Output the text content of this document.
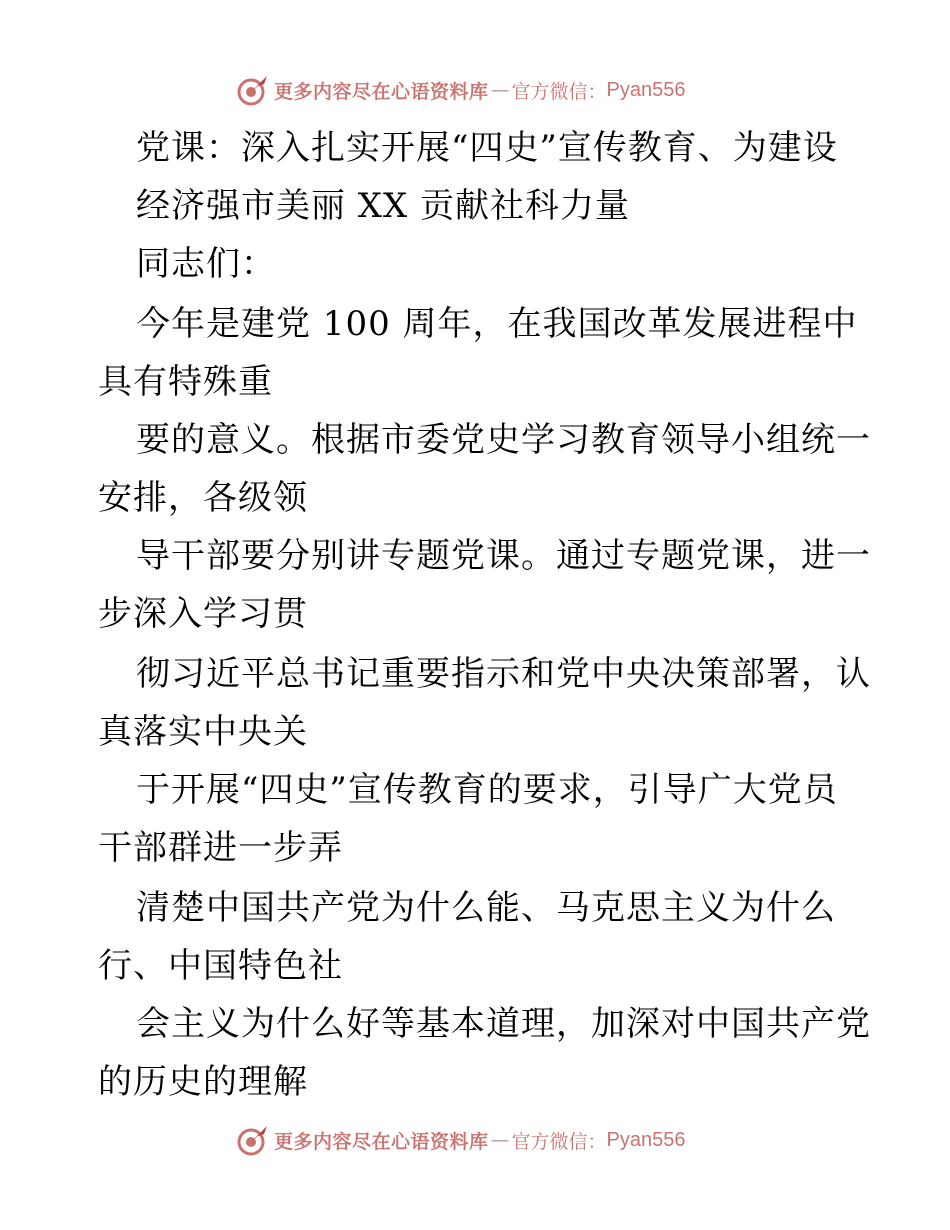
更多内容尽在心语资料库 — 官方微信： Pyan556
党课：深入扎实开展“四史”宣传教育、为建设
经济强市美丽 XX 贡献社科力量
同志们：
今年是建党 100 周年，在我国改革发展进程中
具有特殊重
要的意义。根据市委党史学习教育领导小组统一
安排，各级领
导干部要分别讲专题党课。通过专题党课，进一
步深入学习贯
彻习近平总书记重要指示和党中央决策部署，认
真落实中央关
于开展“四史”宣传教育的要求，引导广大党员
干部群进一步弄
清楚中国共产党为什么能、马克思主义为什么
行、中国特色社
会主义为什么好等基本道理，加深对中国共产党
的历史的理解
更多内容尽在心语资料库 — 官方微信： Pyan556
